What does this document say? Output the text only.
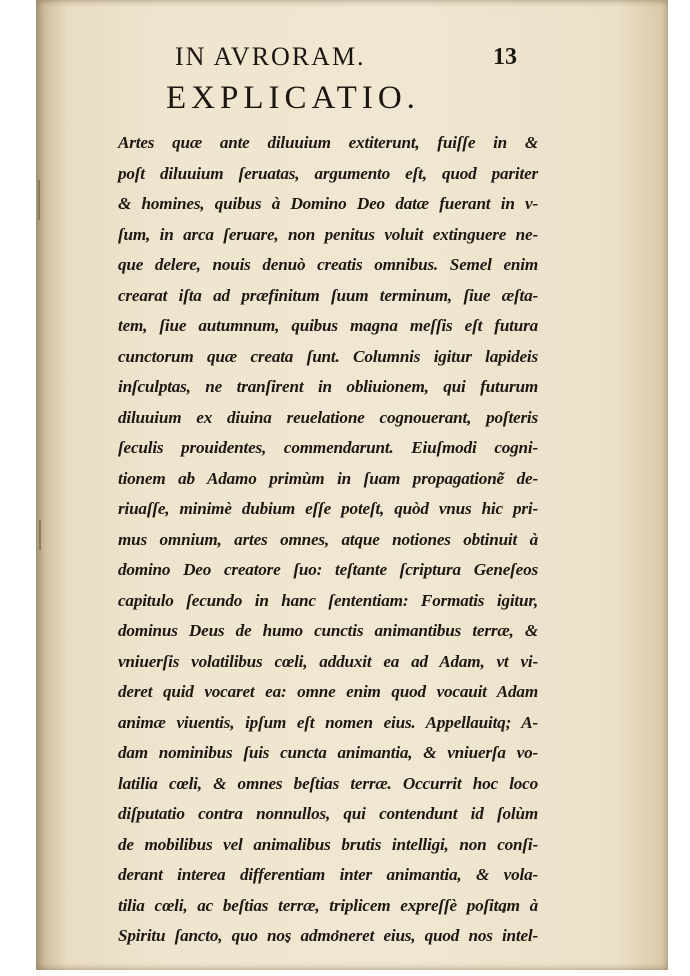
IN AVRORAM.	13
EXPLICATIO.
Artes quæ ante diluuium extiterunt, fuiſſe in &
poſt diluuium ſeruatas, argumento eſt, quod pariter
& homines, quibus à Domino Deo datæ fuerant in v-
ſum, in arca ſeruare, non penitus voluit extinguere ne-
que delere, nouis denuò creatis omnibus. Semel enim
crearat iſta ad præfinitum ſuum terminum, ſiue æſta-
tem, ſiue autumnum, quibus magna meſſis eſt futura
cunctorum quæ creata ſunt. Columnis igitur lapideis
inſculptas, ne tranſirent in obliuionem, qui futurum
diluuium ex diuina reuelatione cognouerant, poſteris
ſeculis prouidentes, commendarunt. Eiuſmodi cogni-
tionem ab Adamo primùm in ſuam propagationẽ de-
riuaſſe, minimè dubium eſſe poteſt, quòd vnus hic pri-
mus omnium, artes omnes, atque notiones obtinuit à
domino Deo creatore ſuo: teſtante ſcriptura Geneſeos
capitulo ſecundo in hanc ſententiam: Formatis igitur,
dominus Deus de humo cunctis animantibus terræ, &
vniuerſis volatilibus cœli, adduxit ea ad Adam, vt vi-
deret quid vocaret ea: omne enim quod vocauit Adam
animæ viuentis, ipſum eſt nomen eius. Appellauitq; A-
dam nominibus ſuis cuncta animantia, & vniuerſa vo-
latilia cœli, & omnes beſtias terræ. Occurrit hoc loco
diſputatio contra nonnullos, qui contendunt id ſolùm
de mobilibus vel animalibus brutis intelligi, non conſi-
derant interea differentiam inter animantia, & vola-
tilia cœli, ac beſtias terræ, triplicem expreſſè poſitam à
Spiritu ſancto, quo nos admoneret eius, quod nos intel-
